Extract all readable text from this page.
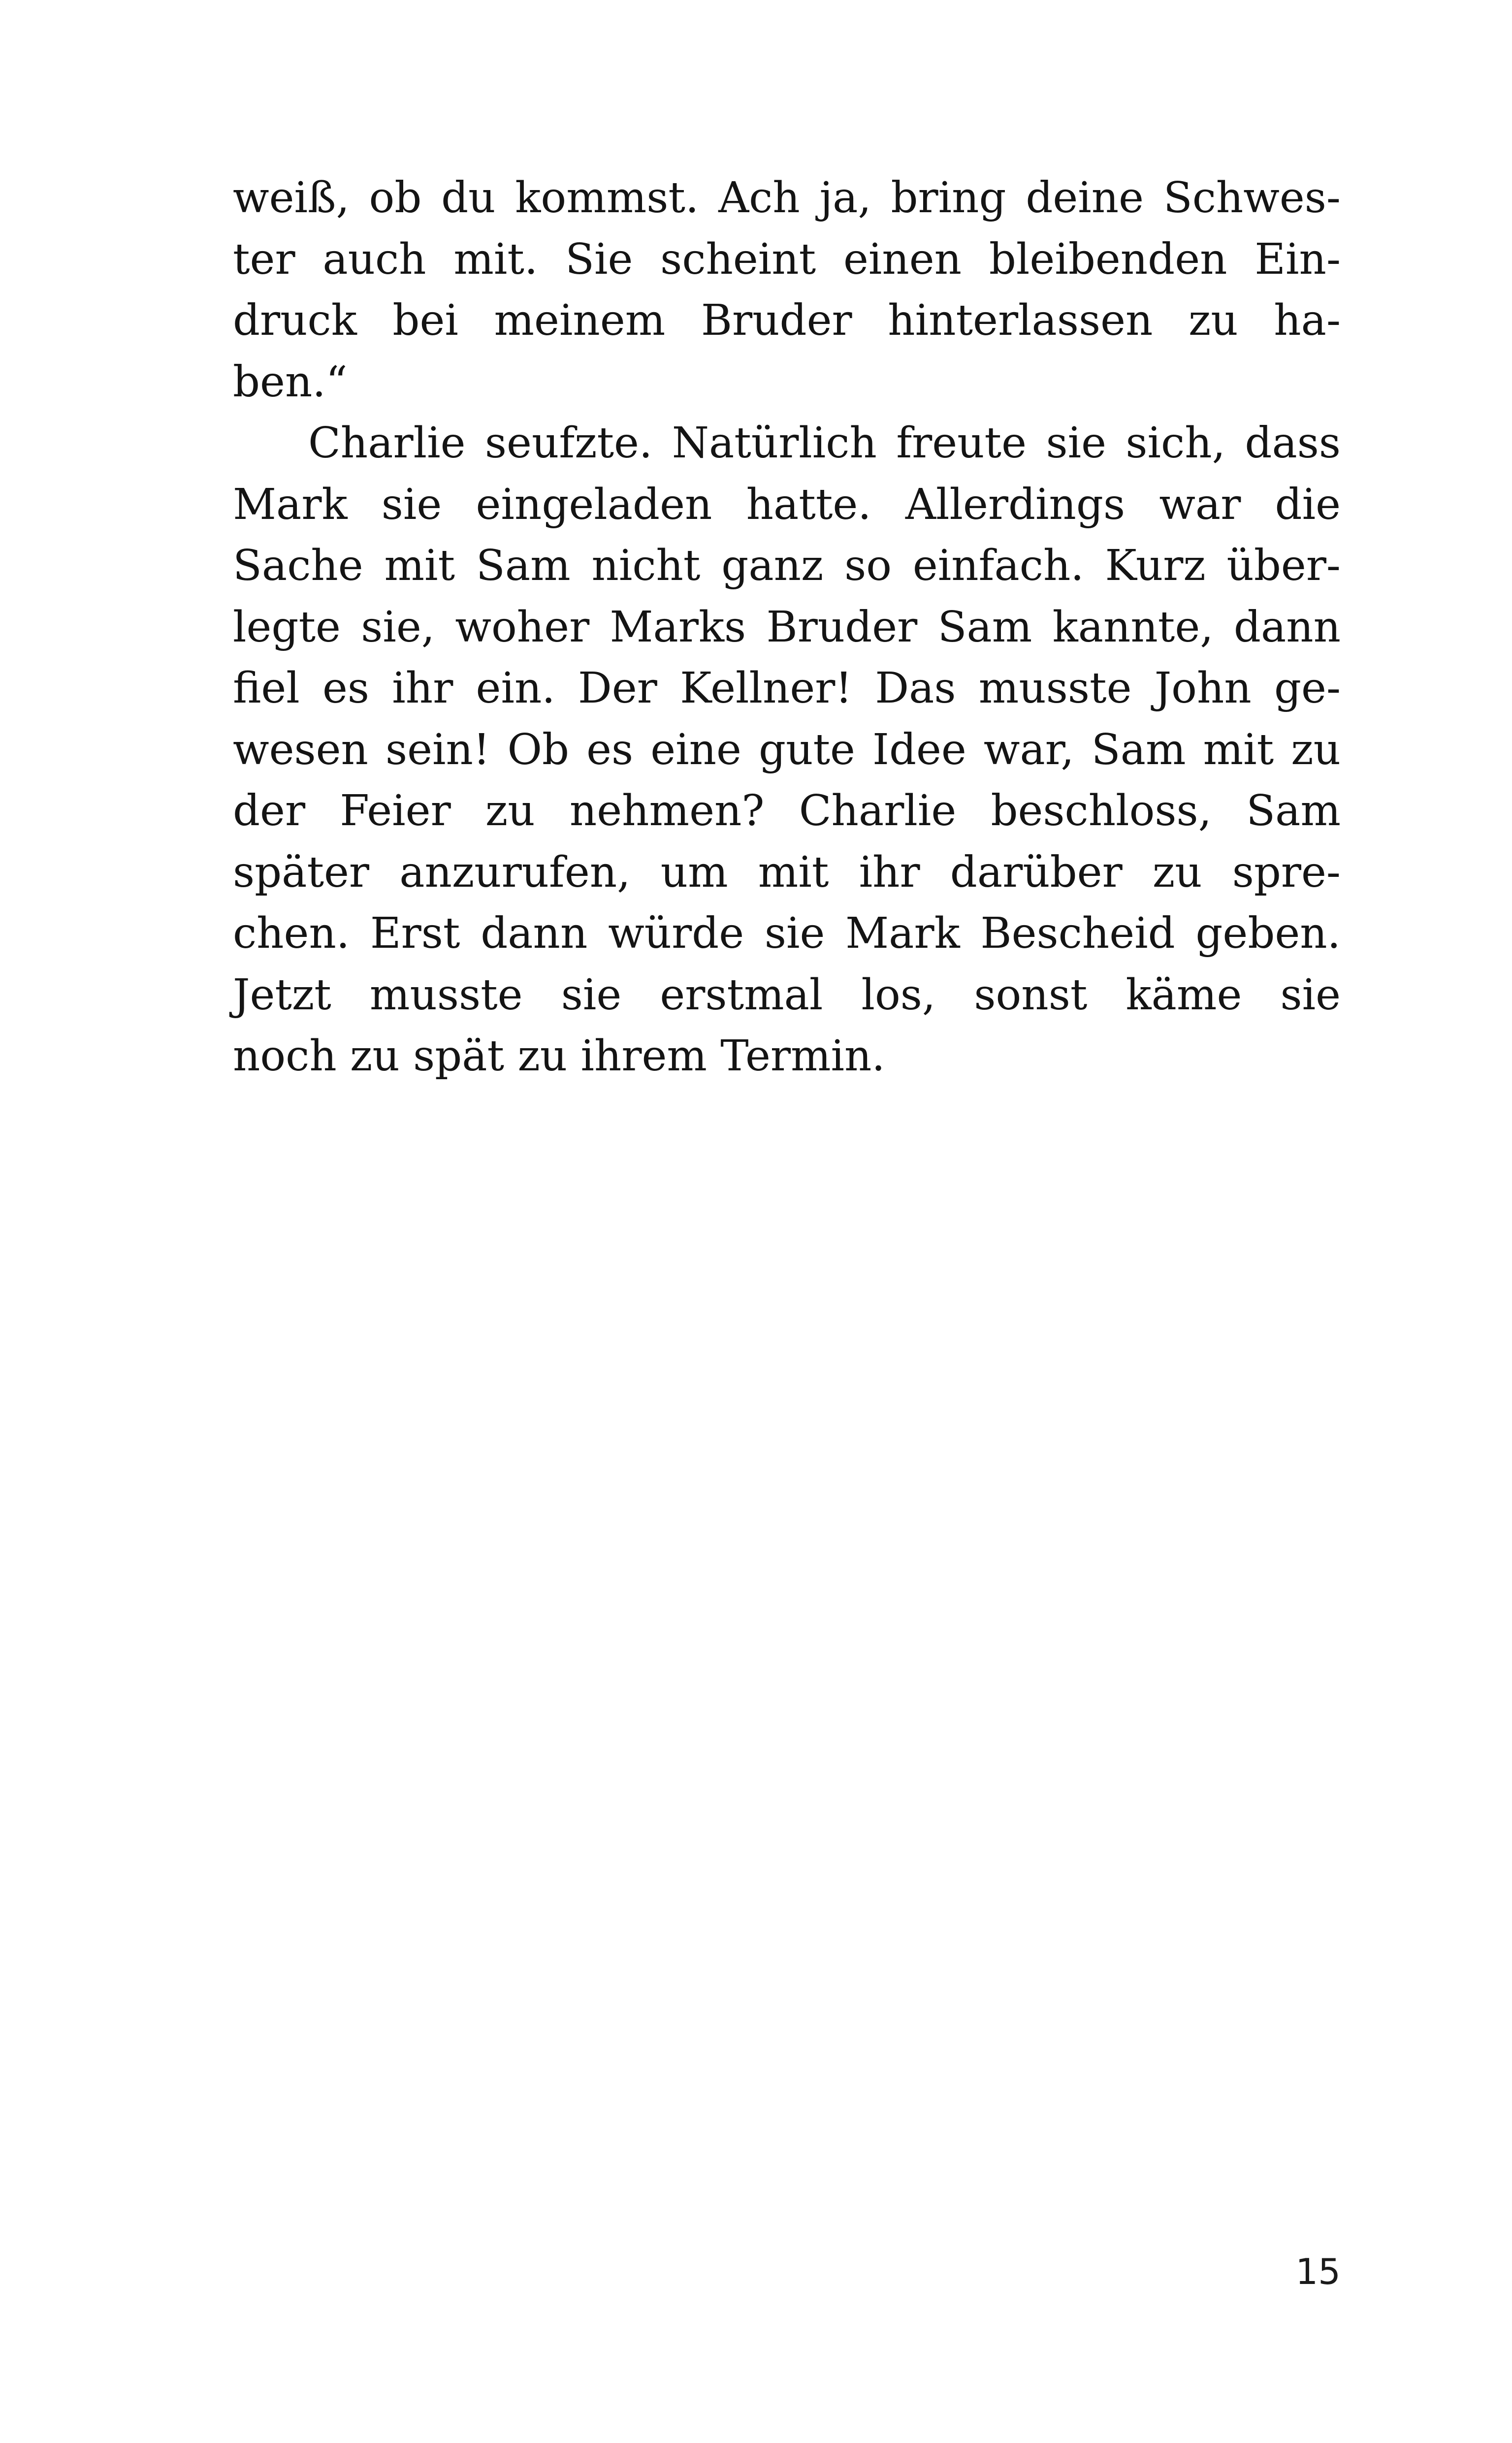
weiß, ob du kommst. Ach ja, bring deine Schwes-
ter auch mit. Sie scheint einen bleibenden Ein-
druck bei meinem Bruder hinterlassen zu ha-
ben.“
Charlie seufzte. Natürlich freute sie sich, dass
Mark sie eingeladen hatte. Allerdings war die
Sache mit Sam nicht ganz so einfach. Kurz über-
legte sie, woher Marks Bruder Sam kannte, dann
fiel es ihr ein. Der Kellner! Das musste John ge-
wesen sein! Ob es eine gute Idee war, Sam mit zu
der Feier zu nehmen? Charlie beschloss, Sam
später anzurufen, um mit ihr darüber zu spre-
chen. Erst dann würde sie Mark Bescheid geben.
Jetzt musste sie erstmal los, sonst käme sie
noch zu spät zu ihrem Termin.
15
